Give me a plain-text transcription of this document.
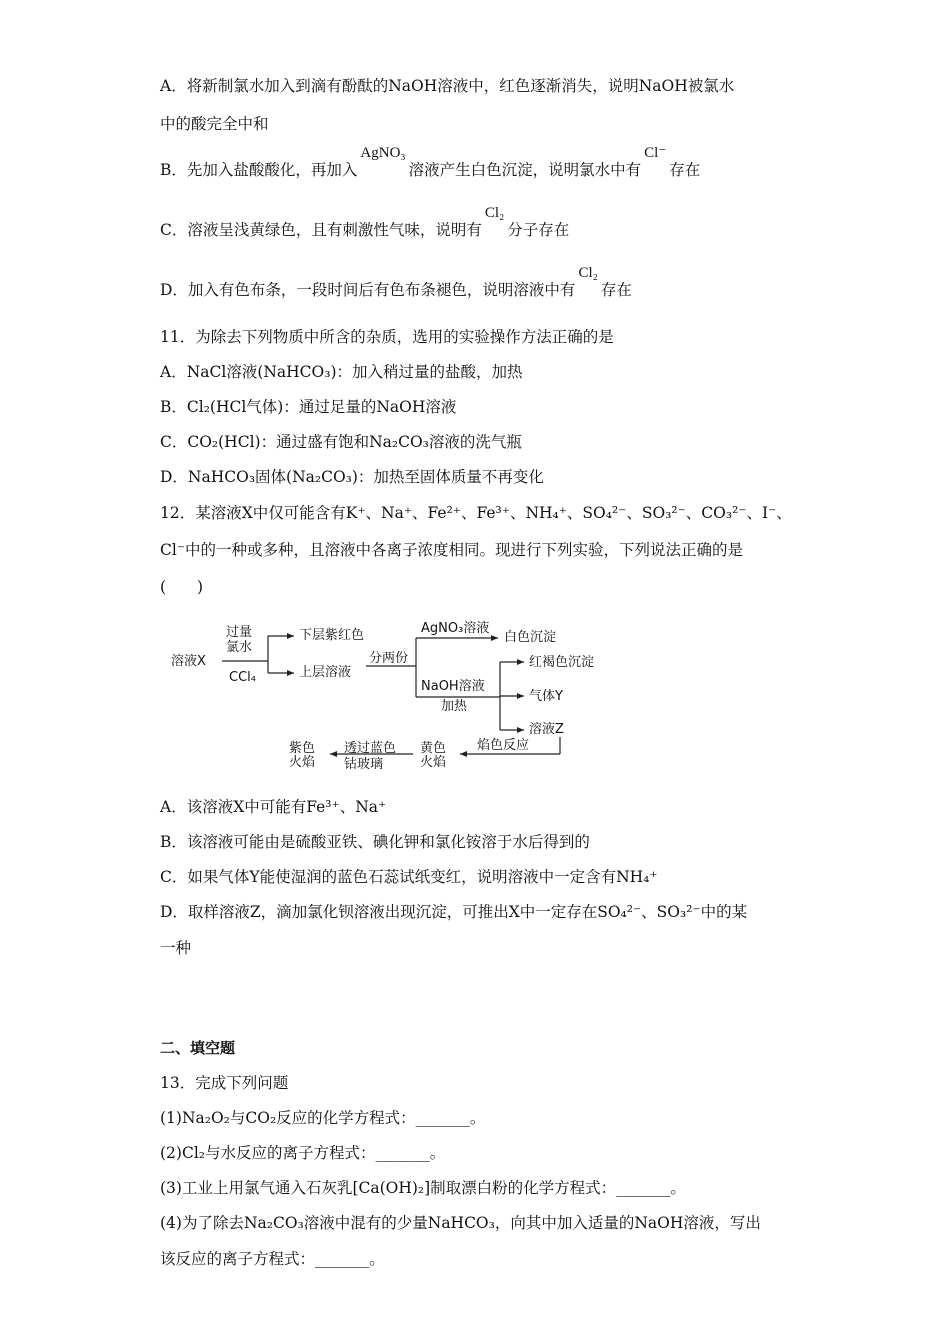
A．将新制氯水加入到滴有酚酞的NaOH溶液中，红色逐渐消失，说明NaOH被氯水
中的酸完全中和
B．先加入盐酸酸化，再加入AgNO₃溶液产生白色沉淀，说明氯水中有Cl⁻存在
C．溶液呈浅黄绿色，且有刺激性气味，说明有Cl₂分子存在
D．加入有色布条，一段时间后有色布条褪色，说明溶液中有Cl₂存在
11．为除去下列物质中所含的杂质，选用的实验操作方法正确的是
A．NaCl溶液(NaHCO₃)：加入稍过量的盐酸，加热
B．Cl₂(HCl气体)：通过足量的NaOH溶液
C．CO₂(HCl)：通过盛有饱和Na₂CO₃溶液的洗气瓶
D．NaHCO₃固体(Na₂CO₃)：加热至固体质量不再变化
12．某溶液X中仅可能含有K⁺、Na⁺、Fe²⁺、Fe³⁺、NH₄⁺、SO₄²⁻、SO₃²⁻、CO₃²⁻、I⁻、
Cl⁻中的一种或多种，且溶液中各离子浓度相同。现进行下列实验，下列说法正确的是
(　　)
溶液X
过量
氯水
CCl₄
下层紫红色
上层溶液
分两份
AgNO₃溶液
白色沉淀
NaOH溶液
加热
红褐色沉淀
气体Y
溶液Z
焰色反应
黄色
火焰
透过蓝色
钴玻璃
紫色
火焰
A．该溶液X中可能有Fe³⁺、Na⁺
B．该溶液可能由是硫酸亚铁、碘化钾和氯化铵溶于水后得到的
C．如果气体Y能使湿润的蓝色石蕊试纸变红，说明溶液中一定含有NH₄⁺
D．取样溶液Z，滴加氯化钡溶液出现沉淀，可推出X中一定存在SO₄²⁻、SO₃²⁻中的某
一种
二、填空题
13．完成下列问题
(1)Na₂O₂与CO₂反应的化学方程式：_______。
(2)Cl₂与水反应的离子方程式：_______。
(3)工业上用氯气通入石灰乳[Ca(OH)₂]制取漂白粉的化学方程式：_______。
(4)为了除去Na₂CO₃溶液中混有的少量NaHCO₃，向其中加入适量的NaOH溶液，写出
该反应的离子方程式：_______。
